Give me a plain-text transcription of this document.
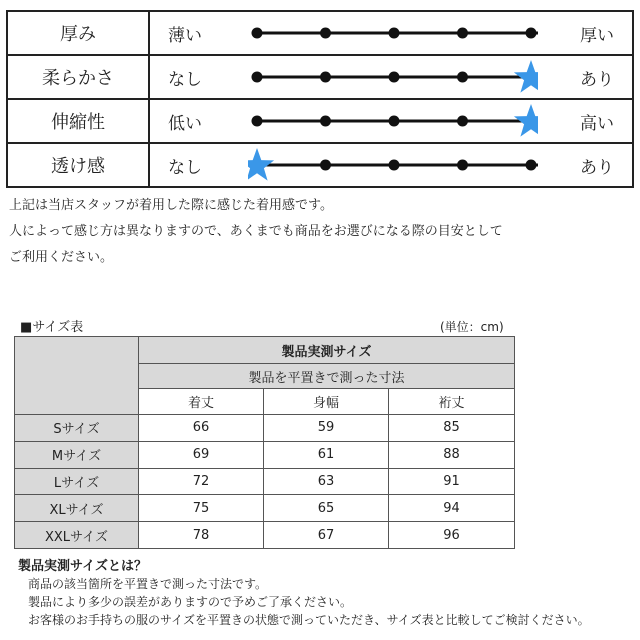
厚み	薄い 厚い

柔らかさ	なし あり

伸縮性	低い 高い

透け感	なし あり
上記は当店スタッフが着用した際に感じた着用感です。
人によって感じ方は異なりますので、あくまでも商品をお選びになる際の目安として
ご利用ください。
■サイズ表	(単位：cm)
	製品実測サイズ		
	製品を平置きで測った寸法		
	着丈	身幅	裄丈
Sサイズ	66	59	85
Mサイズ	69	61	88
Lサイズ	72	63	91
XLサイズ	75	65	94
XXLサイズ	78	67	96
製品実測サイズとは？
商品の該当箇所を平置きで測った寸法です。
製品により多少の誤差がありますので予めご了承ください。
お客様のお手持ちの服のサイズを平置きの状態で測っていただき、サイズ表と比較してご検討ください。
